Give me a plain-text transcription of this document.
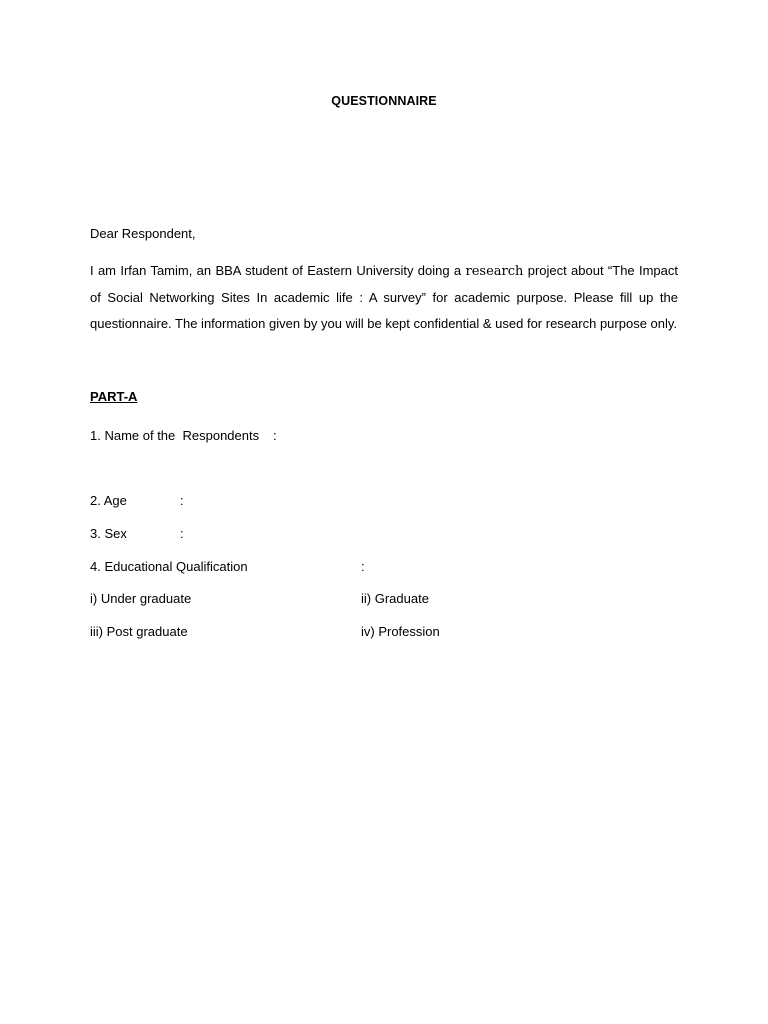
QUESTIONNAIRE
Dear Respondent,
I am Irfan Tamim, an BBA student of Eastern University doing a research project about “The Impact of Social Networking Sites In academic life : A survey” for academic purpose. Please fill up the questionnaire. The information given by you will be kept confidential & used for research purpose only.
PART-A
1. Name of the  Respondents :
2. Age	:
3. Sex	:
4. Educational Qualification	:
i) Under graduate	ii) Graduate
iii) Post graduate	iv) Profession
